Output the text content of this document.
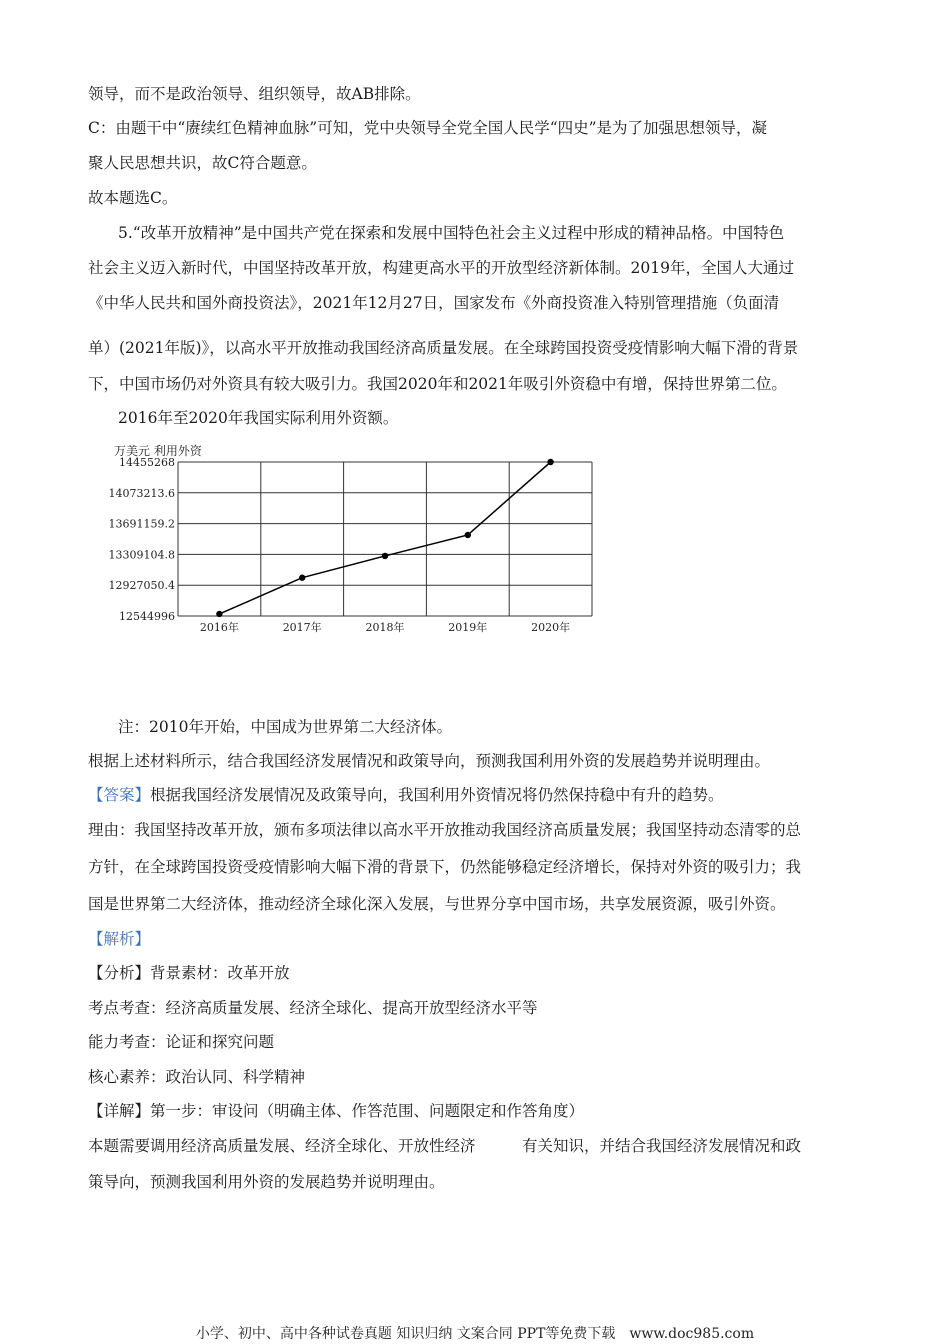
领导，而不是政治领导、组织领导，故AB排除。

C：由题干中“赓续红色精神血脉”可知，党中央领导全党全国人民学“四史”是为了加强思想领导，凝

聚人民思想共识，故C符合题意。

故本题选C。

5.“改革开放精神”是中国共产党在探索和发展中国特色社会主义过程中形成的精神品格。中国特色

社会主义迈入新时代，中国坚持改革开放，构建更高水平的开放型经济新体制。2019年，全国人大通过

《中华人民共和国外商投资法》，2021年12月27日，国家发布《外商投资准入特别管理措施（负面清

单）(2021年版)》，以高水平开放推动我国经济高质量发展。在全球跨国投资受疫情影响大幅下滑的背景

下，中国市场仍对外资具有较大吸引力。我国2020年和2021年吸引外资稳中有增，保持世界第二位。

2016年至2020年我国实际利用外资额。

万美元 利用外资
12544996
12927050.4
13309104.8
13691159.2
14073213.6
14455268
2016年	2017年	2018年	2019年	2020年

注：2010年开始，中国成为世界第二大经济体。

根据上述材料所示，结合我国经济发展情况和政策导向，预测我国利用外资的发展趋势并说明理由。

【答案】根据我国经济发展情况及政策导向，我国利用外资情况将仍然保持稳中有升的趋势。

理由：我国坚持改革开放，颁布多项法律以高水平开放推动我国经济高质量发展；我国坚持动态清零的总

方针，在全球跨国投资受疫情影响大幅下滑的背景下，仍然能够稳定经济增长，保持对外资的吸引力；我

国是世界第二大经济体，推动经济全球化深入发展，与世界分享中国市场，共享发展资源，吸引外资。

【解析】

【分析】背景素材：改革开放

考点考查：经济高质量发展、经济全球化、提高开放型经济水平等

能力考查：论证和探究问题

核心素养：政治认同、科学精神

【详解】第一步：审设问（明确主体、作答范围、问题限定和作答角度）

本题需要调用经济高质量发展、经济全球化、开放性经济　　　有关知识，并结合我国经济发展情况和政

策导向，预测我国利用外资的发展趋势并说明理由。

小学、初中、高中各种试卷真题 知识归纳 文案合同 PPT等免费下载　www.doc985.com
